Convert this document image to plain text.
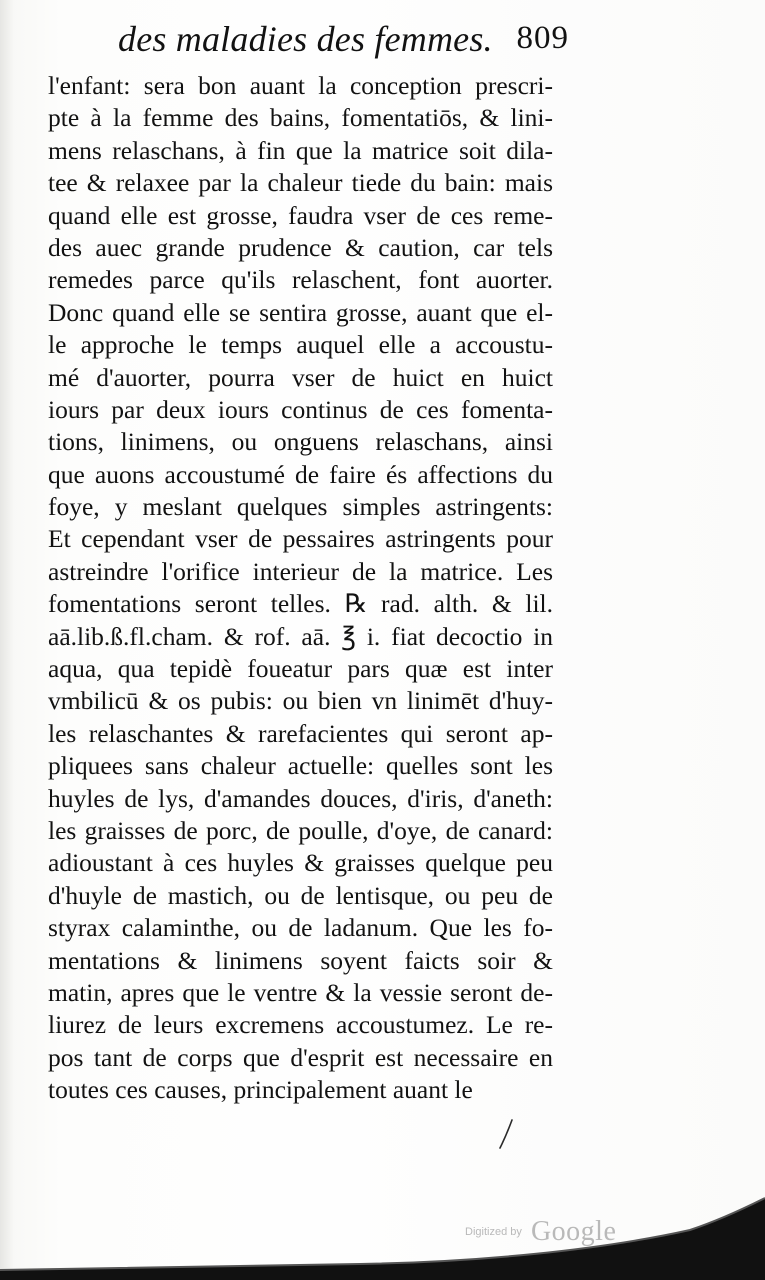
des maladies des femmes. 809
l'enfant: sera bon auant la conception prescri-
pte à la femme des bains, fomentatiōs, & lini-
mens relaschans, à fin que la matrice soit dila-
tee & relaxee par la chaleur tiede du bain: mais
quand elle est grosse, faudra vser de ces reme-
des auec grande prudence & caution, car tels
remedes parce qu'ils relaschent, font auorter.
Donc quand elle se sentira grosse, auant que el-
le approche le temps auquel elle a accoustu-
mé d'auorter, pourra vser de huict en huict
iours par deux iours continus de ces fomenta-
tions, linimens, ou onguens relaschans, ainsi
que auons accoustumé de faire és affections du
foye, y meslant quelques simples astringents:
Et cependant vser de pessaires astringents pour
astreindre l'orifice interieur de la matrice. Les
fomentations seront telles. ℞ rad. alth. & lil.
aā.lib.ß.fl.cham. & rof. aā. ℥ i. fiat decoctio in
aqua, qua tepidè foueatur pars quæ est inter
vmbilicū & os pubis: ou bien vn linimēt d'huy-
les relaschantes & rarefacientes qui seront ap-
pliquees sans chaleur actuelle: quelles sont les
huyles de lys, d'amandes douces, d'iris, d'aneth:
les graisses de porc, de poulle, d'oye, de canard:
adioustant à ces huyles & graisses quelque peu
d'huyle de mastich, ou de lentisque, ou peu de
styrax calaminthe, ou de ladanum. Que les fo-
mentations & linimens soyent faicts soir &
matin, apres que le ventre & la vessie seront de-
liurez de leurs excremens accoustumez. Le re-
pos tant de corps que d'esprit est necessaire en
toutes ces causes, principalement auant le
Digitized by Google
